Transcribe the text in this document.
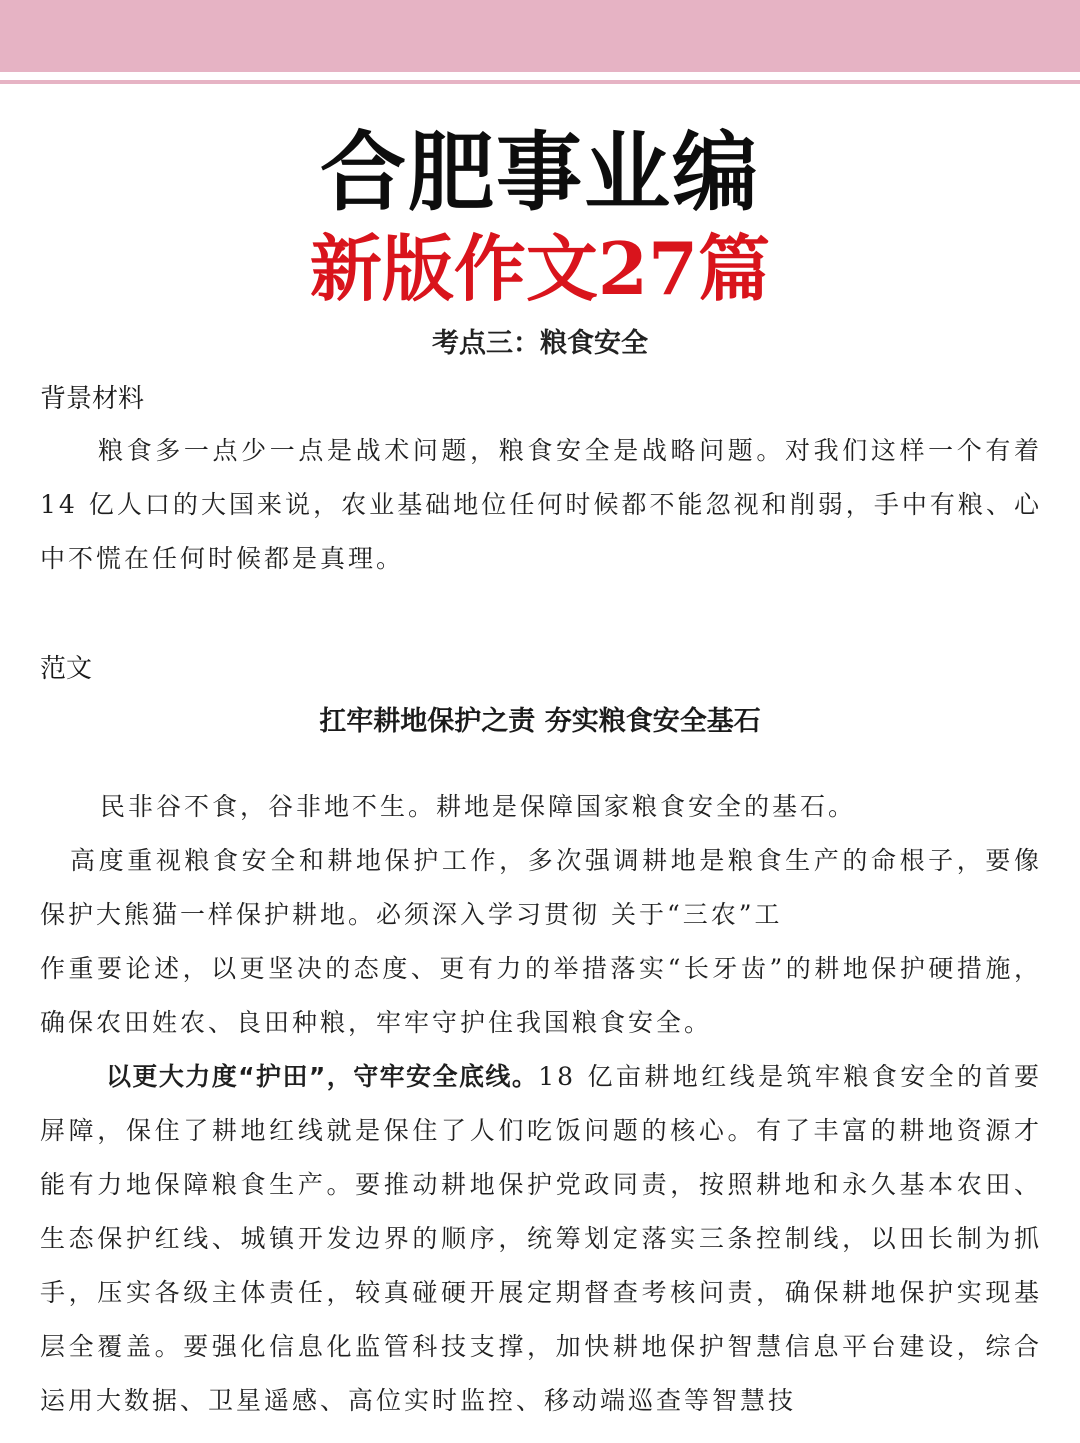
合肥事业编
新版作文27篇
考点三：粮食安全
背景材料

粮食多一点少一点是战术问题，粮食安全是战略问题。对我们这样一个有着 14 亿人口的大国来说，农业基础地位任何时候都不能忽视和削弱，手中有粮、心中不慌在任何时候都是真理。

范文
扛牢耕地保护之责 夯实粮食安全基石

民非谷不食，谷非地不生。耕地是保障国家粮食安全的基石。

高度重视粮食安全和耕地保护工作，多次强调耕地是粮食生产的命根子，要像保护大熊猫一样保护耕地。必须深入学习贯彻 关于“三农”工

作重要论述，以更坚决的态度、更有力的举措落实“长牙齿”的耕地保护硬措施，确保农田姓农、良田种粮，牢牢守护住我国粮食安全。

以更大力度“护田”，守牢安全底线。18 亿亩耕地红线是筑牢粮食安全的首要屏障，保住了耕地红线就是保住了人们吃饭问题的核心。有了丰富的耕地资源才能有力地保障粮食生产。要推动耕地保护党政同责，按照耕地和永久基本农田、生态保护红线、城镇开发边界的顺序，统筹划定落实三条控制线，以田长制为抓手，压实各级主体责任，较真碰硬开展定期督查考核问责，确保耕地保护实现基层全覆盖。要强化信息化监管科技支撑，加快耕地保护智慧信息平台建设，综合运用大数据、卫星遥感、高位实时监控、移动端巡查等智慧技
